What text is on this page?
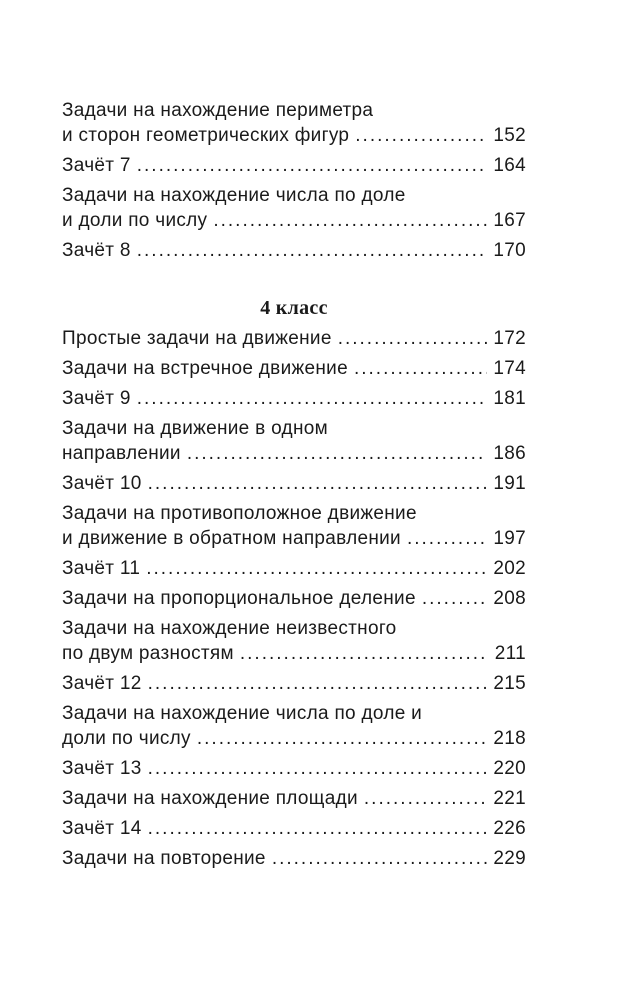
Задачи на нахождение периметра
и сторон геометрических фигур .....	152
Зачёт 7 .....	164
Задачи на нахождение числа по доле
и доли по числу .....	167
Зачёт 8 .....	170
4 класс
Простые задачи на движение .....	172
Задачи на встречное движение .....	174
Зачёт 9 .....	181
Задачи на движение в одном
направлении .....	186
Зачёт 10 .....	191
Задачи на противоположное движение
и движение в обратном направлении .....	197
Зачёт 11 .....	202
Задачи на пропорциональное деление .....	208
Задачи на нахождение неизвестного
по двум разностям .....	211
Зачёт 12 .....	215
Задачи на нахождение числа по доле и
доли по числу .....	218
Зачёт 13 .....	220
Задачи на нахождение площади .....	221
Зачёт 14 .....	226
Задачи на повторение .....	229
